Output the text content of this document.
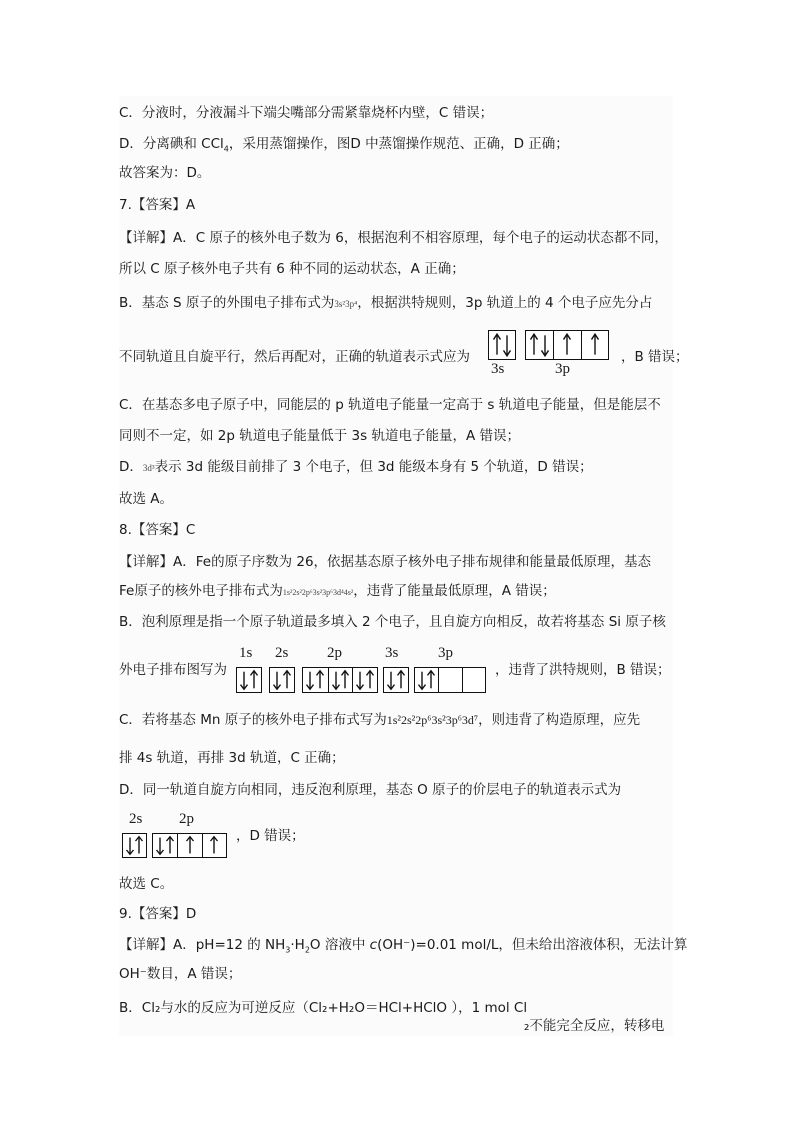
C．分液时，分液漏斗下端尖嘴部分需紧靠烧杯内壁，C 错误；
D．分离碘和 CCl$_4$，采用蒸馏操作，图D 中蒸馏操作规范、正确，D 正确；
故答案为：D。
7.【答案】A
【详解】A．C 原子的核外电子数为 6，根据泡利不相容原理，每个电子的运动状态都不同，
所以 C 原子核外电子共有 6 种不同的运动状态，A 正确；
B．基态 S 原子的外围电子排布式为3s²3p⁴，根据洪特规则，3p 轨道上的 4 个电子应先分占
不同轨道且自旋平行，然后再配对，正确的轨道表示式应为	，B 错误；
C．在基态多电子原子中，同能层的 p 轨道电子能量一定高于 s 轨道电子能量，但是能层不
同则不一定，如 2p 轨道电子能量低于 3s 轨道电子能量，A 错误；
D．3d³表示 3d 能级目前排了 3 个电子，但 3d 能级本身有 5 个轨道，D 错误；
故选 A。
8.【答案】C
【详解】A．Fe的原子序数为 26，依据基态原子核外电子排布规律和能量最低原理，基态
Fe原子的核外电子排布式为1s²2s²2p⁶3s²3p⁶3d⁴4s²，违背了能量最低原理，A 错误；
B．泡利原理是指一个原子轨道最多填入 2 个电子，且自旋方向相反，故若将基态 Si 原子核
外电子排布图写为	，违背了洪特规则，B 错误；
C．若将基态 Mn 原子的核外电子排布式写为1s²2s²2p⁶3s²3p⁶3d⁷，则违背了构造原理，应先
排 4s 轨道，再排 3d 轨道，C 正确；
D．同一轨道自旋方向相同，违反泡利原理，基态 O 原子的价层电子的轨道表示式为
，D 错误；
故选 C。
9.【答案】D
【详解】A．pH=12 的 $NH_3\cdot H_2O$ 溶液中 c(OH⁻)=0.01 mol/L，但未给出溶液体积，无法计算
OH⁻数目，A 错误；
B．Cl₂与水的反应为可逆反应（Cl₂+H₂O＝HCl+HClO ），1 mol Cl
₂不能完全反应，转移电
3s	3p
1s 2s	2p	3s	3p
2s 2p
